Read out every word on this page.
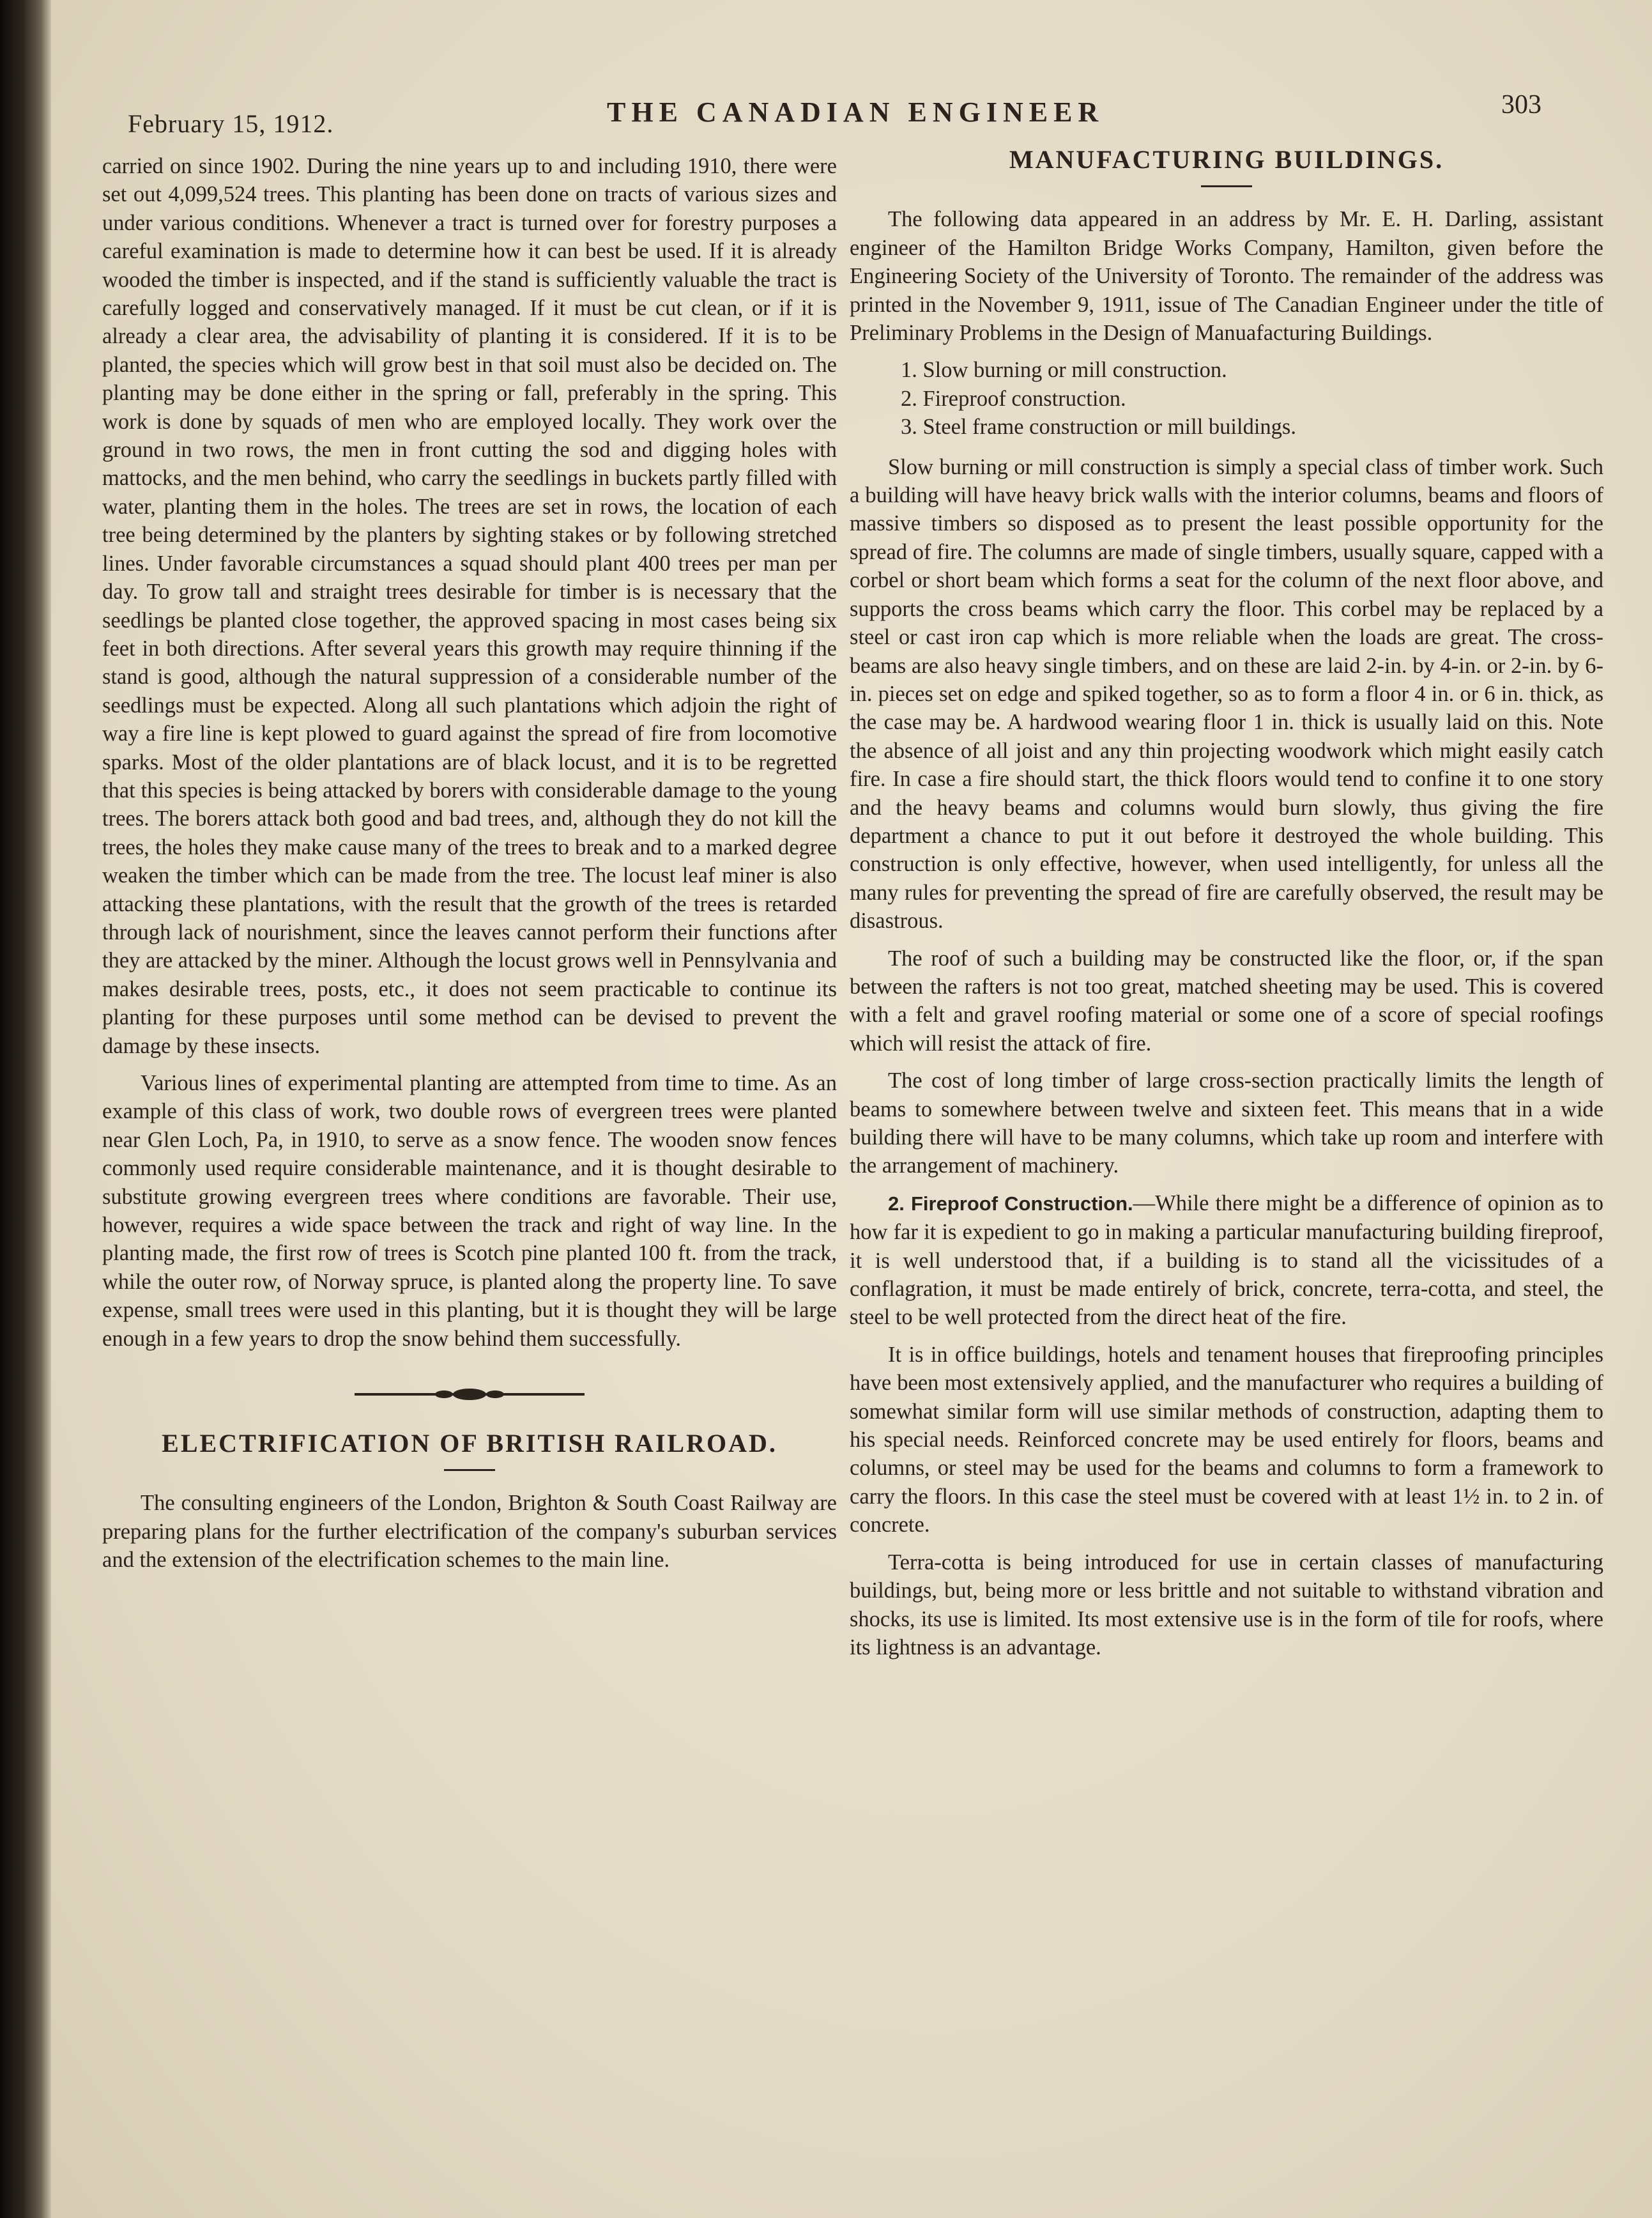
February 15, 1912.	THE CANADIAN ENGINEER	303

carried on since 1902. During the nine years up to and including 1910, there were set out 4,099,524 trees. This planting has been done on tracts of various sizes and under various conditions. Whenever a tract is turned over for forestry purposes a careful examination is made to determine how it can best be used. If it is already wooded the timber is inspected, and if the stand is sufficiently valuable the tract is carefully logged and conservatively managed. If it must be cut clean, or if it is already a clear area, the advisability of planting it is considered. If it is to be planted, the species which will grow best in that soil must also be decided on. The planting may be done either in the spring or fall, preferably in the spring. This work is done by squads of men who are employed locally. They work over the ground in two rows, the men in front cutting the sod and digging holes with mattocks, and the men behind, who carry the seedlings in buckets partly filled with water, planting them in the holes. The trees are set in rows, the location of each tree being determined by the planters by sighting stakes or by following stretched lines. Under favorable circumstances a squad should plant 400 trees per man per day. To grow tall and straight trees desirable for timber is is necessary that the seedlings be planted close together, the approved spacing in most cases being six feet in both directions. After several years this growth may require thinning if the stand is good, although the natural suppression of a considerable number of the seedlings must be expected. Along all such plantations which adjoin the right of way a fire line is kept plowed to guard against the spread of fire from locomotive sparks. Most of the older plantations are of black locust, and it is to be regretted that this species is being attacked by borers with considerable damage to the young trees. The borers attack both good and bad trees, and, although they do not kill the trees, the holes they make cause many of the trees to break and to a marked degree weaken the timber which can be made from the tree. The locust leaf miner is also attacking these plantations, with the result that the growth of the trees is retarded through lack of nourishment, since the leaves cannot perform their functions after they are attacked by the miner. Although the locust grows well in Pennsylvania and makes desirable trees, posts, etc., it does not seem practicable to continue its planting for these purposes until some method can be devised to prevent the damage by these insects.

Various lines of experimental planting are attempted from time to time. As an example of this class of work, two double rows of evergreen trees were planted near Glen Loch, Pa, in 1910, to serve as a snow fence. The wooden snow fences commonly used require considerable maintenance, and it is thought desirable to substitute growing evergreen trees where conditions are favorable. Their use, however, requires a wide space between the track and right of way line. In the planting made, the first row of trees is Scotch pine planted 100 ft. from the track, while the outer row, of Norway spruce, is planted along the property line. To save expense, small trees were used in this planting, but it is thought they will be large enough in a few years to drop the snow behind them successfully.

ELECTRIFICATION OF BRITISH RAILROAD.

The consulting engineers of the London, Brighton & South Coast Railway are preparing plans for the further electrification of the company's suburban services and the extension of the electrification schemes to the main line.

MANUFACTURING BUILDINGS.

The following data appeared in an address by Mr. E. H. Darling, assistant engineer of the Hamilton Bridge Works Company, Hamilton, given before the Engineering Society of the University of Toronto. The remainder of the address was printed in the November 9, 1911, issue of The Canadian Engineer under the title of Preliminary Problems in the Design of Manuafacturing Buildings.

1. Slow burning or mill construction.
2. Fireproof construction.
3. Steel frame construction or mill buildings.

Slow burning or mill construction is simply a special class of timber work. Such a building will have heavy brick walls with the interior columns, beams and floors of massive timbers so disposed as to present the least possible opportunity for the spread of fire. The columns are made of single timbers, usually square, capped with a corbel or short beam which forms a seat for the column of the next floor above, and supports the cross beams which carry the floor. This corbel may be replaced by a steel or cast iron cap which is more reliable when the loads are great. The cross-beams are also heavy single timbers, and on these are laid 2-in. by 4-in. or 2-in. by 6-in. pieces set on edge and spiked together, so as to form a floor 4 in. or 6 in. thick, as the case may be. A hardwood wearing floor 1 in. thick is usually laid on this. Note the absence of all joist and any thin projecting woodwork which might easily catch fire. In case a fire should start, the thick floors would tend to confine it to one story and the heavy beams and columns would burn slowly, thus giving the fire department a chance to put it out before it destroyed the whole building. This construction is only effective, however, when used intelligently, for unless all the many rules for preventing the spread of fire are carefully observed, the result may be disastrous.

The roof of such a building may be constructed like the floor, or, if the span between the rafters is not too great, matched sheeting may be used. This is covered with a felt and gravel roofing material or some one of a score of special roofings which will resist the attack of fire.

The cost of long timber of large cross-section practically limits the length of beams to somewhere between twelve and sixteen feet. This means that in a wide building there will have to be many columns, which take up room and interfere with the arrangement of machinery.

2. Fireproof Construction.—While there might be a difference of opinion as to how far it is expedient to go in making a particular manufacturing building fireproof, it is well understood that, if a building is to stand all the vicissitudes of a conflagration, it must be made entirely of brick, concrete, terra-cotta, and steel, the steel to be well protected from the direct heat of the fire.

It is in office buildings, hotels and tenament houses that fireproofing principles have been most extensively applied, and the manufacturer who requires a building of somewhat similar form will use similar methods of construction, adapting them to his special needs. Reinforced concrete may be used entirely for floors, beams and columns, or steel may be used for the beams and columns to form a framework to carry the floors. In this case the steel must be covered with at least 1½ in. to 2 in. of concrete.

Terra-cotta is being introduced for use in certain classes of manufacturing buildings, but, being more or less brittle and not suitable to withstand vibration and shocks, its use is limited. Its most extensive use is in the form of tile for roofs, where its lightness is an advantage.
